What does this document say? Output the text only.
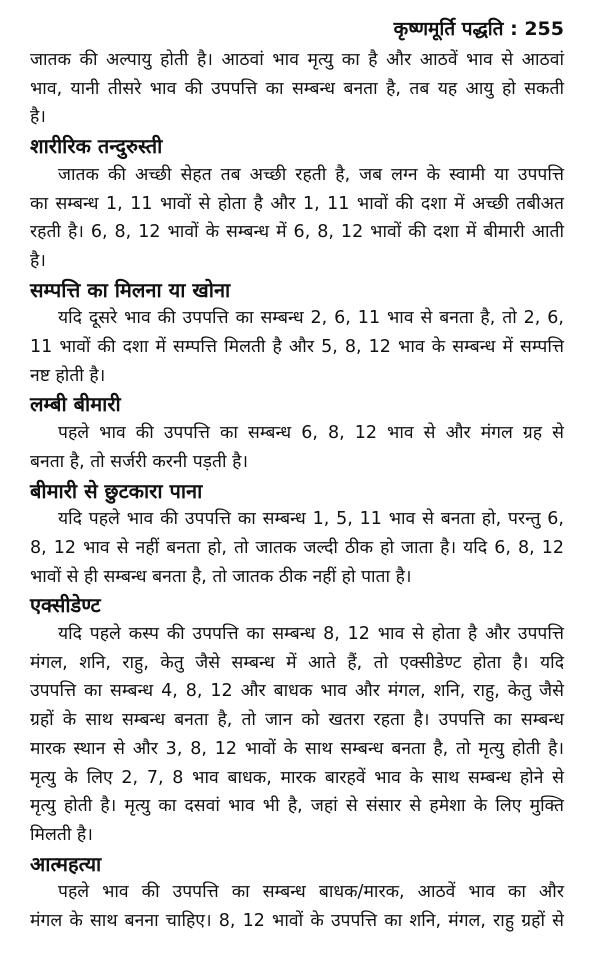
कृष्णमूर्ति पद्धति : 255
जातक की अल्पायु होती है। आठवां भाव मृत्यु का है और आठवें भाव से आठवां
भाव, यानी तीसरे भाव की उपपत्ति का सम्बन्ध बनता है, तब यह आयु हो सकती
है।
शारीरिक तन्दुरुस्ती
जातक की अच्छी सेहत तब अच्छी रहती है, जब लग्न के स्वामी या उपपत्ति
का सम्बन्ध 1, 11 भावों से होता है और 1, 11 भावों की दशा में अच्छी तबीअत
रहती है। 6, 8, 12 भावों के सम्बन्ध में 6, 8, 12 भावों की दशा में बीमारी आती
है।
सम्पत्ति का मिलना या खोना
यदि दूसरे भाव की उपपत्ति का सम्बन्ध 2, 6, 11 भाव से बनता है, तो 2, 6,
11 भावों की दशा में सम्पत्ति मिलती है और 5, 8, 12 भाव के सम्बन्ध में सम्पत्ति
नष्ट होती है।
लम्बी बीमारी
पहले भाव की उपपत्ति का सम्बन्ध 6, 8, 12 भाव से और मंगल ग्रह से
बनता है, तो सर्जरी करनी पड़ती है।
बीमारी से छुटकारा पाना
यदि पहले भाव की उपपत्ति का सम्बन्ध 1, 5, 11 भाव से बनता हो, परन्तु 6,
8, 12 भाव से नहीं बनता हो, तो जातक जल्दी ठीक हो जाता है। यदि 6, 8, 12
भावों से ही सम्बन्ध बनता है, तो जातक ठीक नहीं हो पाता है।
एक्सीडेण्ट
यदि पहले कस्प की उपपत्ति का सम्बन्ध 8, 12 भाव से होता है और उपपत्ति
मंगल, शनि, राहु, केतु जैसे सम्बन्ध में आते हैं, तो एक्सीडेण्ट होता है। यदि
उपपत्ति का सम्बन्ध 4, 8, 12 और बाधक भाव और मंगल, शनि, राहु, केतु जैसे
ग्रहों के साथ सम्बन्ध बनता है, तो जान को खतरा रहता है। उपपत्ति का सम्बन्ध
मारक स्थान से और 3, 8, 12 भावों के साथ सम्बन्ध बनता है, तो मृत्यु होती है।
मृत्यु के लिए 2, 7, 8 भाव बाधक, मारक बारहवें भाव के साथ सम्बन्ध होने से
मृत्यु होती है। मृत्यु का दसवां भाव भी है, जहां से संसार से हमेशा के लिए मुक्ति
मिलती है।
आत्महत्या
पहले भाव की उपपत्ति का सम्बन्ध बाधक/मारक, आठवें भाव का और
मंगल के साथ बनना चाहिए। 8, 12 भावों के उपपत्ति का शनि, मंगल, राहु ग्रहों से
